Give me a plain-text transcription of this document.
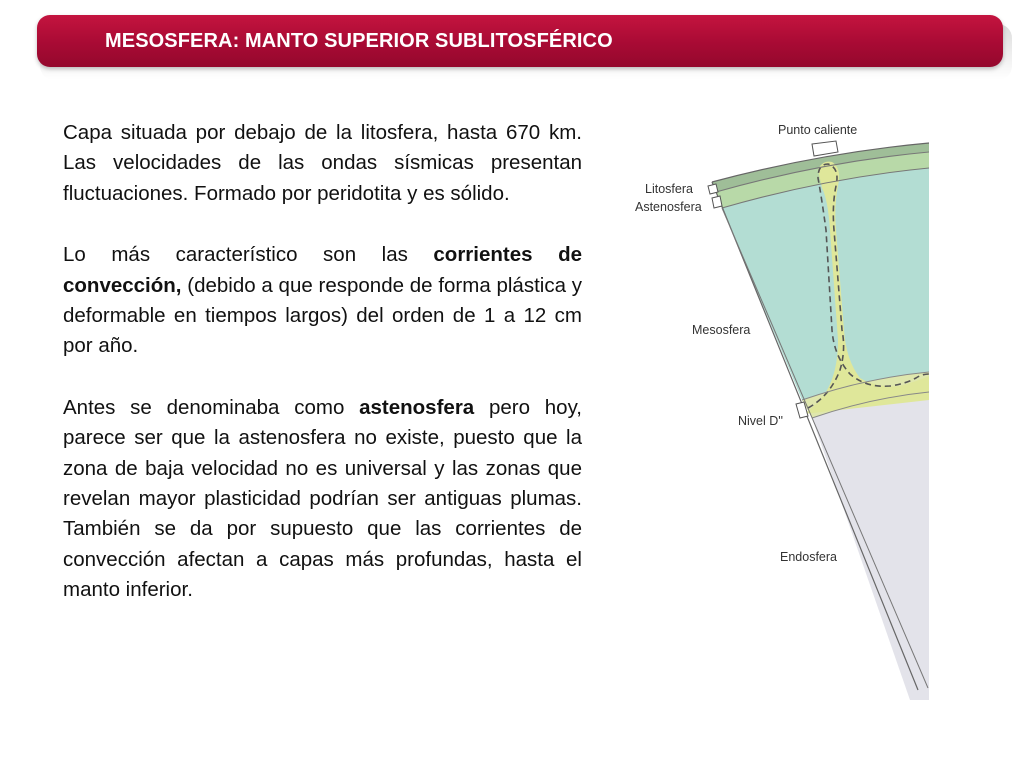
MESOSFERA: MANTO SUPERIOR SUBLITOSFÉRICO

Capa situada por debajo de la litosfera, hasta 670 km. Las velocidades de las ondas sísmicas presentan fluctuaciones. Formado por peridotita y es sólido.

Lo más característico son las corrientes de convección, (debido a que responde de forma plástica y deformable en tiempos largos) del orden de 1 a 12 cm por año.

Antes se denominaba como astenosfera pero hoy, parece ser que la astenosfera no existe, puesto que la zona de baja velocidad no es universal y las zonas que revelan mayor plasticidad podrían ser antiguas plumas. También se da por supuesto que las corrientes de convección afectan a capas más profundas, hasta el manto inferior.

Punto caliente
Litosfera
Astenosfera
Mesosfera
Nivel D''
Endosfera
